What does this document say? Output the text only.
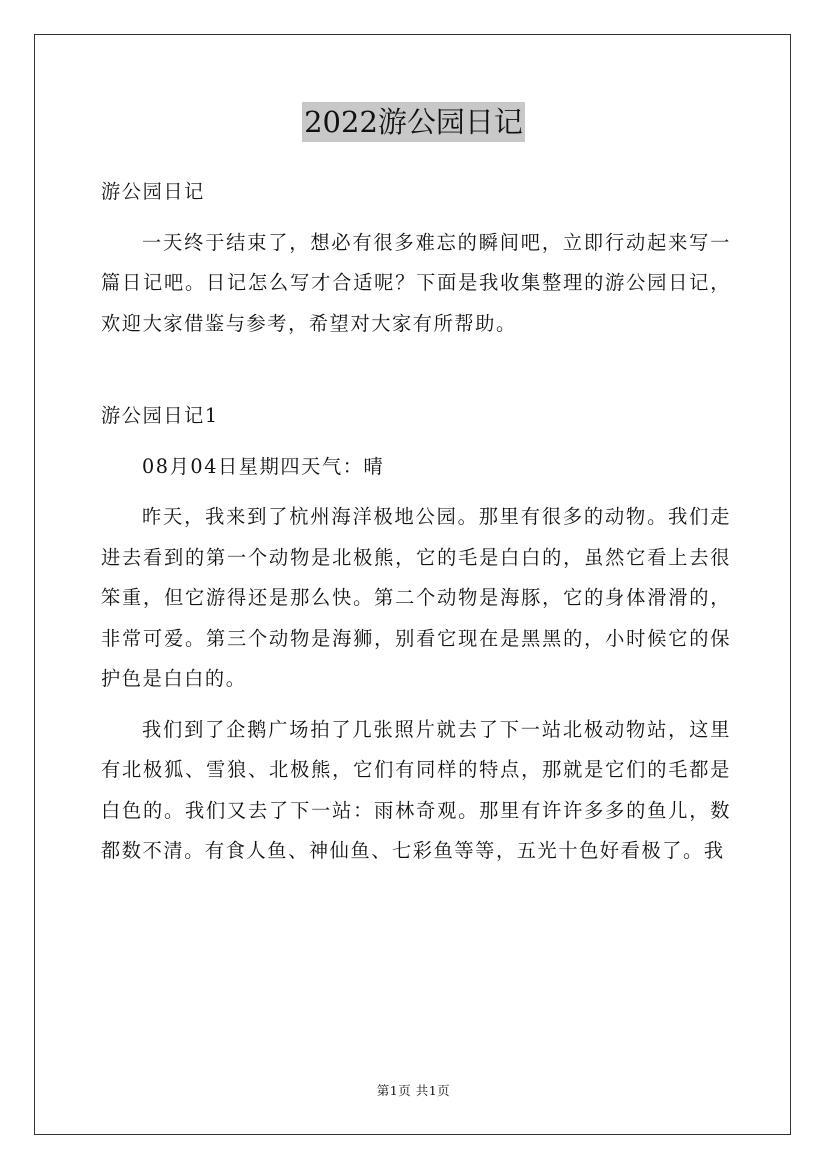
2022游公园日记

游公园日记

一天终于结束了，想必有很多难忘的瞬间吧，立即行动起来写一篇日记吧。日记怎么写才合适呢？下面是我收集整理的游公园日记，欢迎大家借鉴与参考，希望对大家有所帮助。

游公园日记1

08月04日星期四天气：晴

昨天，我来到了杭州海洋极地公园。那里有很多的动物。我们走进去看到的第一个动物是北极熊，它的毛是白白的，虽然它看上去很笨重，但它游得还是那么快。第二个动物是海豚，它的身体滑滑的，非常可爱。第三个动物是海狮，别看它现在是黑黑的，小时候它的保护色是白白的。

我们到了企鹅广场拍了几张照片就去了下一站北极动物站，这里有北极狐、雪狼、北极熊，它们有同样的特点，那就是它们的毛都是白色的。我们又去了下一站：雨林奇观。那里有许许多多的鱼儿，数都数不清。有食人鱼、神仙鱼、七彩鱼等等，五光十色好看极了。我

第1页 共1页
